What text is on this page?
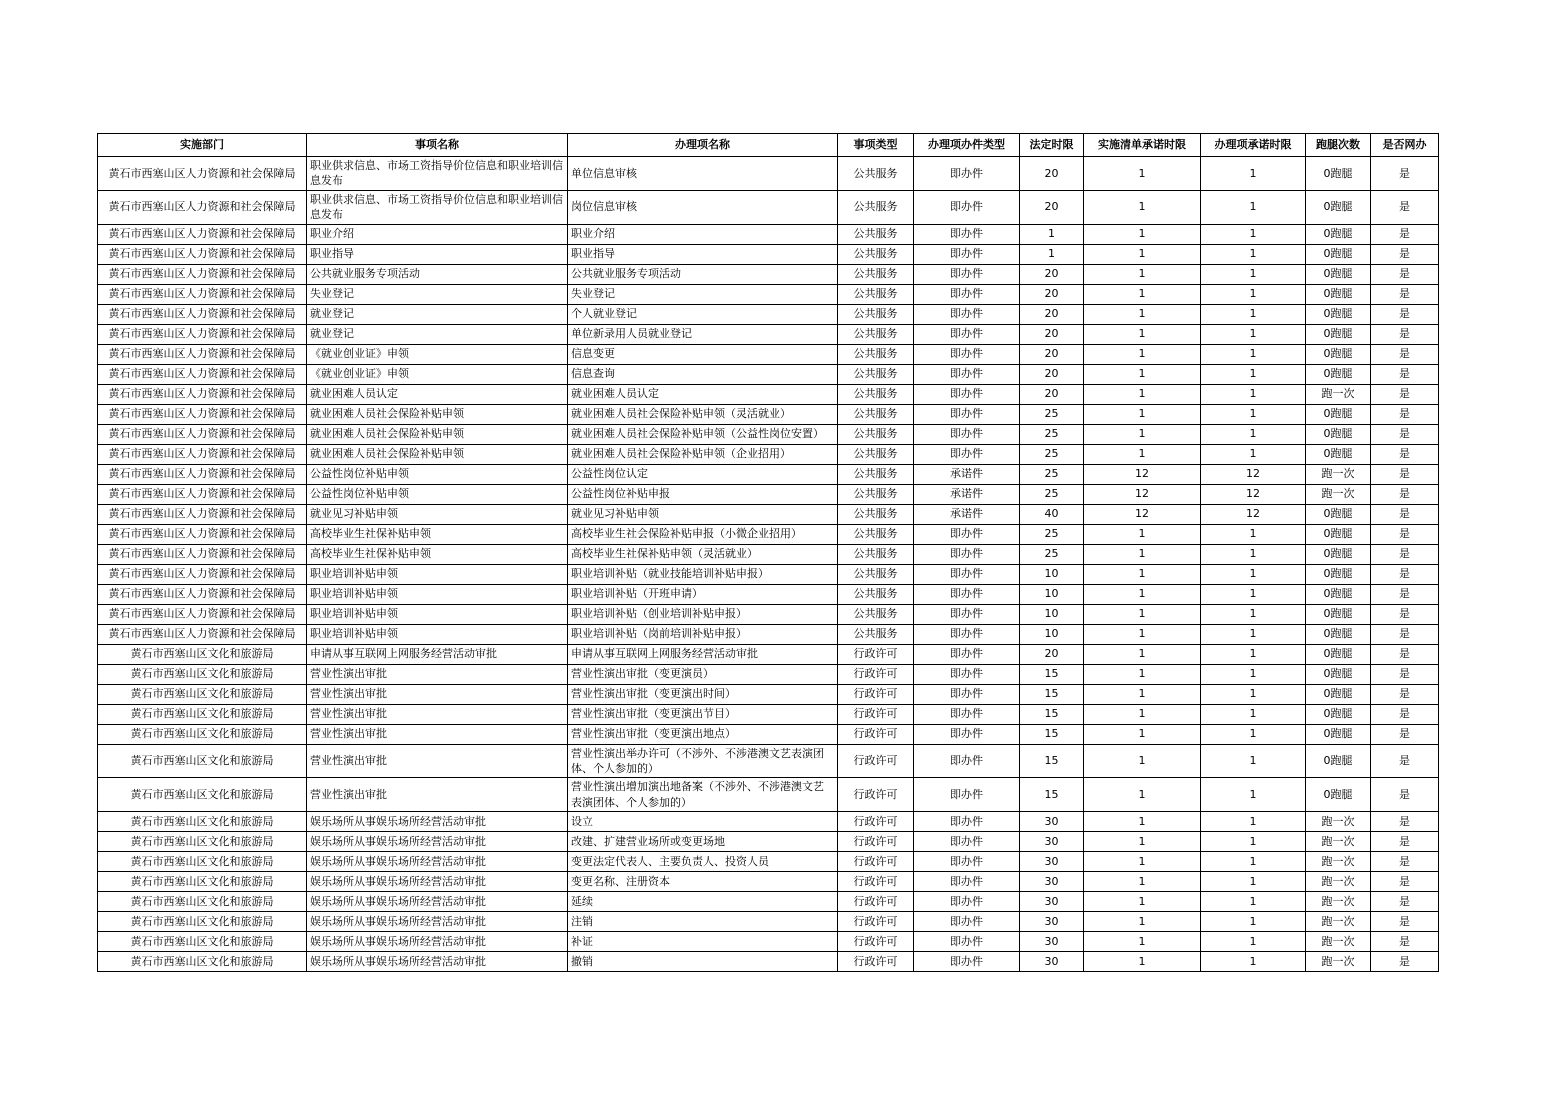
实施部门	事项名称	办理项名称	事项类型	办理项办件类型	法定时限	实施清单承诺时限	办理项承诺时限	跑腿次数	是否网办
黄石市西塞山区人力资源和社会保障局	职业供求信息、市场工资指导价位信息和职业培训信息发布	单位信息审核	公共服务	即办件	20	1	1	0跑腿	是
黄石市西塞山区人力资源和社会保障局	职业供求信息、市场工资指导价位信息和职业培训信息发布	岗位信息审核	公共服务	即办件	20	1	1	0跑腿	是
黄石市西塞山区人力资源和社会保障局	职业介绍	职业介绍	公共服务	即办件	1	1	1	0跑腿	是
黄石市西塞山区人力资源和社会保障局	职业指导	职业指导	公共服务	即办件	1	1	1	0跑腿	是
黄石市西塞山区人力资源和社会保障局	公共就业服务专项活动	公共就业服务专项活动	公共服务	即办件	20	1	1	0跑腿	是
黄石市西塞山区人力资源和社会保障局	失业登记	失业登记	公共服务	即办件	20	1	1	0跑腿	是
黄石市西塞山区人力资源和社会保障局	就业登记	个人就业登记	公共服务	即办件	20	1	1	0跑腿	是
黄石市西塞山区人力资源和社会保障局	就业登记	单位新录用人员就业登记	公共服务	即办件	20	1	1	0跑腿	是
黄石市西塞山区人力资源和社会保障局	《就业创业证》申领	信息变更	公共服务	即办件	20	1	1	0跑腿	是
黄石市西塞山区人力资源和社会保障局	《就业创业证》申领	信息查询	公共服务	即办件	20	1	1	0跑腿	是
黄石市西塞山区人力资源和社会保障局	就业困难人员认定	就业困难人员认定	公共服务	即办件	20	1	1	跑一次	是
黄石市西塞山区人力资源和社会保障局	就业困难人员社会保险补贴申领	就业困难人员社会保险补贴申领（灵活就业）	公共服务	即办件	25	1	1	0跑腿	是
黄石市西塞山区人力资源和社会保障局	就业困难人员社会保险补贴申领	就业困难人员社会保险补贴申领（公益性岗位安置）	公共服务	即办件	25	1	1	0跑腿	是
黄石市西塞山区人力资源和社会保障局	就业困难人员社会保险补贴申领	就业困难人员社会保险补贴申领（企业招用）	公共服务	即办件	25	1	1	0跑腿	是
黄石市西塞山区人力资源和社会保障局	公益性岗位补贴申领	公益性岗位认定	公共服务	承诺件	25	12	12	跑一次	是
黄石市西塞山区人力资源和社会保障局	公益性岗位补贴申领	公益性岗位补贴申报	公共服务	承诺件	25	12	12	跑一次	是
黄石市西塞山区人力资源和社会保障局	就业见习补贴申领	就业见习补贴申领	公共服务	承诺件	40	12	12	0跑腿	是
黄石市西塞山区人力资源和社会保障局	高校毕业生社保补贴申领	高校毕业生社会保险补贴申报（小微企业招用）	公共服务	即办件	25	1	1	0跑腿	是
黄石市西塞山区人力资源和社会保障局	高校毕业生社保补贴申领	高校毕业生社保补贴申领（灵活就业）	公共服务	即办件	25	1	1	0跑腿	是
黄石市西塞山区人力资源和社会保障局	职业培训补贴申领	职业培训补贴（就业技能培训补贴申报）	公共服务	即办件	10	1	1	0跑腿	是
黄石市西塞山区人力资源和社会保障局	职业培训补贴申领	职业培训补贴（开班申请）	公共服务	即办件	10	1	1	0跑腿	是
黄石市西塞山区人力资源和社会保障局	职业培训补贴申领	职业培训补贴（创业培训补贴申报）	公共服务	即办件	10	1	1	0跑腿	是
黄石市西塞山区人力资源和社会保障局	职业培训补贴申领	职业培训补贴（岗前培训补贴申报）	公共服务	即办件	10	1	1	0跑腿	是
黄石市西塞山区文化和旅游局	申请从事互联网上网服务经营活动审批	申请从事互联网上网服务经营活动审批	行政许可	即办件	20	1	1	0跑腿	是
黄石市西塞山区文化和旅游局	营业性演出审批	营业性演出审批（变更演员）	行政许可	即办件	15	1	1	0跑腿	是
黄石市西塞山区文化和旅游局	营业性演出审批	营业性演出审批（变更演出时间）	行政许可	即办件	15	1	1	0跑腿	是
黄石市西塞山区文化和旅游局	营业性演出审批	营业性演出审批（变更演出节目）	行政许可	即办件	15	1	1	0跑腿	是
黄石市西塞山区文化和旅游局	营业性演出审批	营业性演出审批（变更演出地点）	行政许可	即办件	15	1	1	0跑腿	是
黄石市西塞山区文化和旅游局	营业性演出审批	营业性演出举办许可（不涉外、不涉港澳文艺表演团体、个人参加的）	行政许可	即办件	15	1	1	0跑腿	是
黄石市西塞山区文化和旅游局	营业性演出审批	营业性演出增加演出地备案（不涉外、不涉港澳文艺表演团体、个人参加的）	行政许可	即办件	15	1	1	0跑腿	是
黄石市西塞山区文化和旅游局	娱乐场所从事娱乐场所经营活动审批	设立	行政许可	即办件	30	1	1	跑一次	是
黄石市西塞山区文化和旅游局	娱乐场所从事娱乐场所经营活动审批	改建、扩建营业场所或变更场地	行政许可	即办件	30	1	1	跑一次	是
黄石市西塞山区文化和旅游局	娱乐场所从事娱乐场所经营活动审批	变更法定代表人、主要负责人、投资人员	行政许可	即办件	30	1	1	跑一次	是
黄石市西塞山区文化和旅游局	娱乐场所从事娱乐场所经营活动审批	变更名称、注册资本	行政许可	即办件	30	1	1	跑一次	是
黄石市西塞山区文化和旅游局	娱乐场所从事娱乐场所经营活动审批	延续	行政许可	即办件	30	1	1	跑一次	是
黄石市西塞山区文化和旅游局	娱乐场所从事娱乐场所经营活动审批	注销	行政许可	即办件	30	1	1	跑一次	是
黄石市西塞山区文化和旅游局	娱乐场所从事娱乐场所经营活动审批	补证	行政许可	即办件	30	1	1	跑一次	是
黄石市西塞山区文化和旅游局	娱乐场所从事娱乐场所经营活动审批	撤销	行政许可	即办件	30	1	1	跑一次	是
